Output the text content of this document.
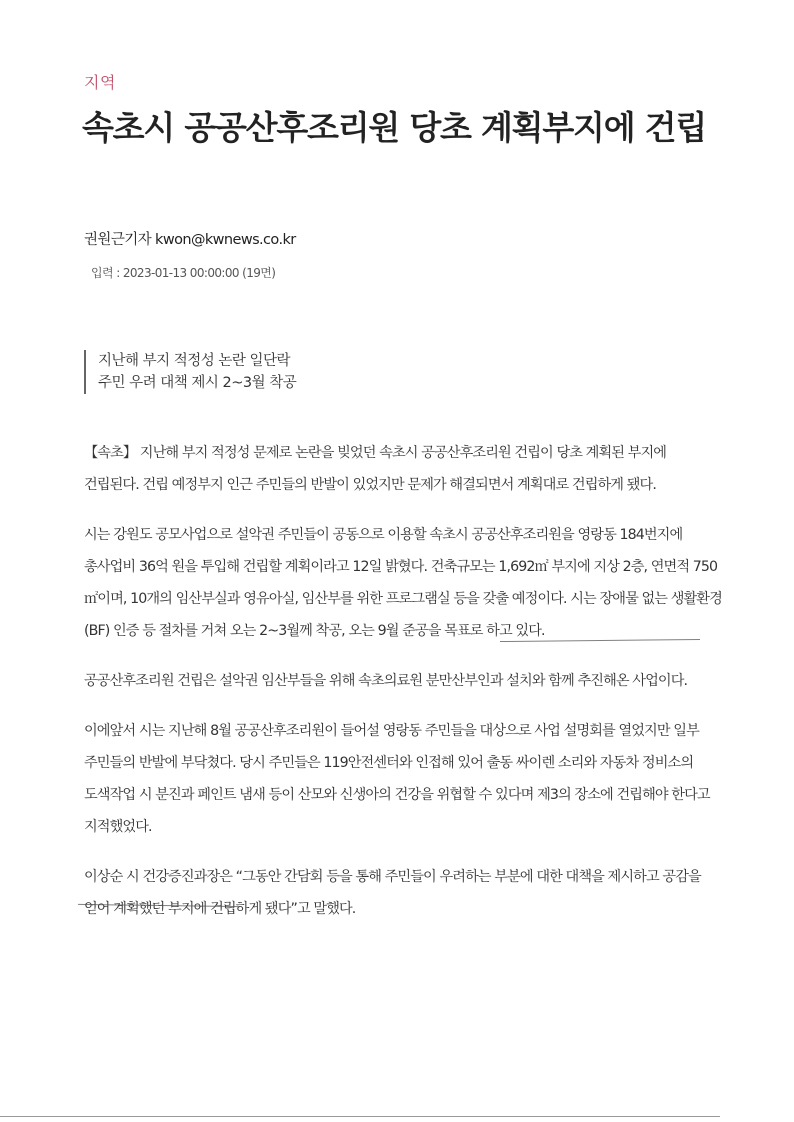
지역
속초시 공공산후조리원 당초 계획부지에 건립
권원근기자 kwon@kwnews.co.kr
입력 : 2023-01-13 00:00:00 (19면)
지난해 부지 적정성 논란 일단락
주민 우려 대책 제시 2~3월 착공

【속초】 지난해 부지 적정성 문제로 논란을 빚었던 속초시 공공산후조리원 건립이 당초 계획된 부지에 건립된다. 건립 예정부지 인근 주민들의 반발이 있었지만 문제가 해결되면서 계획대로 건립하게 됐다.

시는 강원도 공모사업으로 설악권 주민들이 공동으로 이용할 속초시 공공산후조리원을 영랑동 184번지에 총사업비 36억 원을 투입해 건립할 계획이라고 12일 밝혔다. 건축규모는 1,692㎡ 부지에 지상 2층, 연면적 750㎡이며, 10개의 임산부실과 영유아실, 임산부를 위한 프로그램실 등을 갖출 예정이다. 시는 장애물 없는 생활환경(BF) 인증 등 절차를 거쳐 오는 2~3월께 착공, 오는 9월 준공을 목표로 하고 있다.

공공산후조리원 건립은 설악권 임산부들을 위해 속초의료원 분만산부인과 설치와 함께 추진해온 사업이다.

이에앞서 시는 지난해 8월 공공산후조리원이 들어설 영랑동 주민들을 대상으로 사업 설명회를 열었지만 일부 주민들의 반발에 부닥쳤다. 당시 주민들은 119안전센터와 인접해 있어 출동 싸이렌 소리와 자동차 정비소의 도색작업 시 분진과 페인트 냄새 등이 산모와 신생아의 건강을 위협할 수 있다며 제3의 장소에 건립해야 한다고 지적했었다.

이상순 시 건강증진과장은 “그동안 간담회 등을 통해 주민들이 우려하는 부분에 대한 대책을 제시하고 공감을 얻어 계획했던 부지에 건립하게 됐다”고 말했다.
